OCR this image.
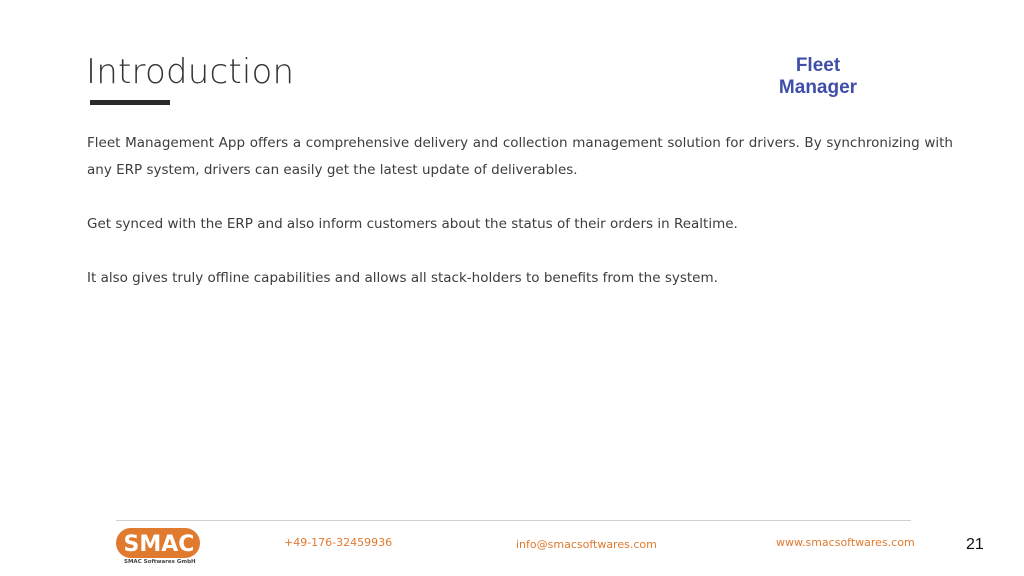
Introduction	Fleet
Manager

Fleet Management App offers a comprehensive delivery and collection management solution for drivers. By synchronizing with any ERP system, drivers can easily get the latest update of deliverables.

Get synced with the ERP and also inform customers about the status of their orders in Realtime.

It also gives truly offline capabilities and allows all stack-holders to benefits from the system.

SMAC
SMAC Softwares GmbH
+49-176-32459936	info@smacsoftwares.com	www.smacsoftwares.com	21
